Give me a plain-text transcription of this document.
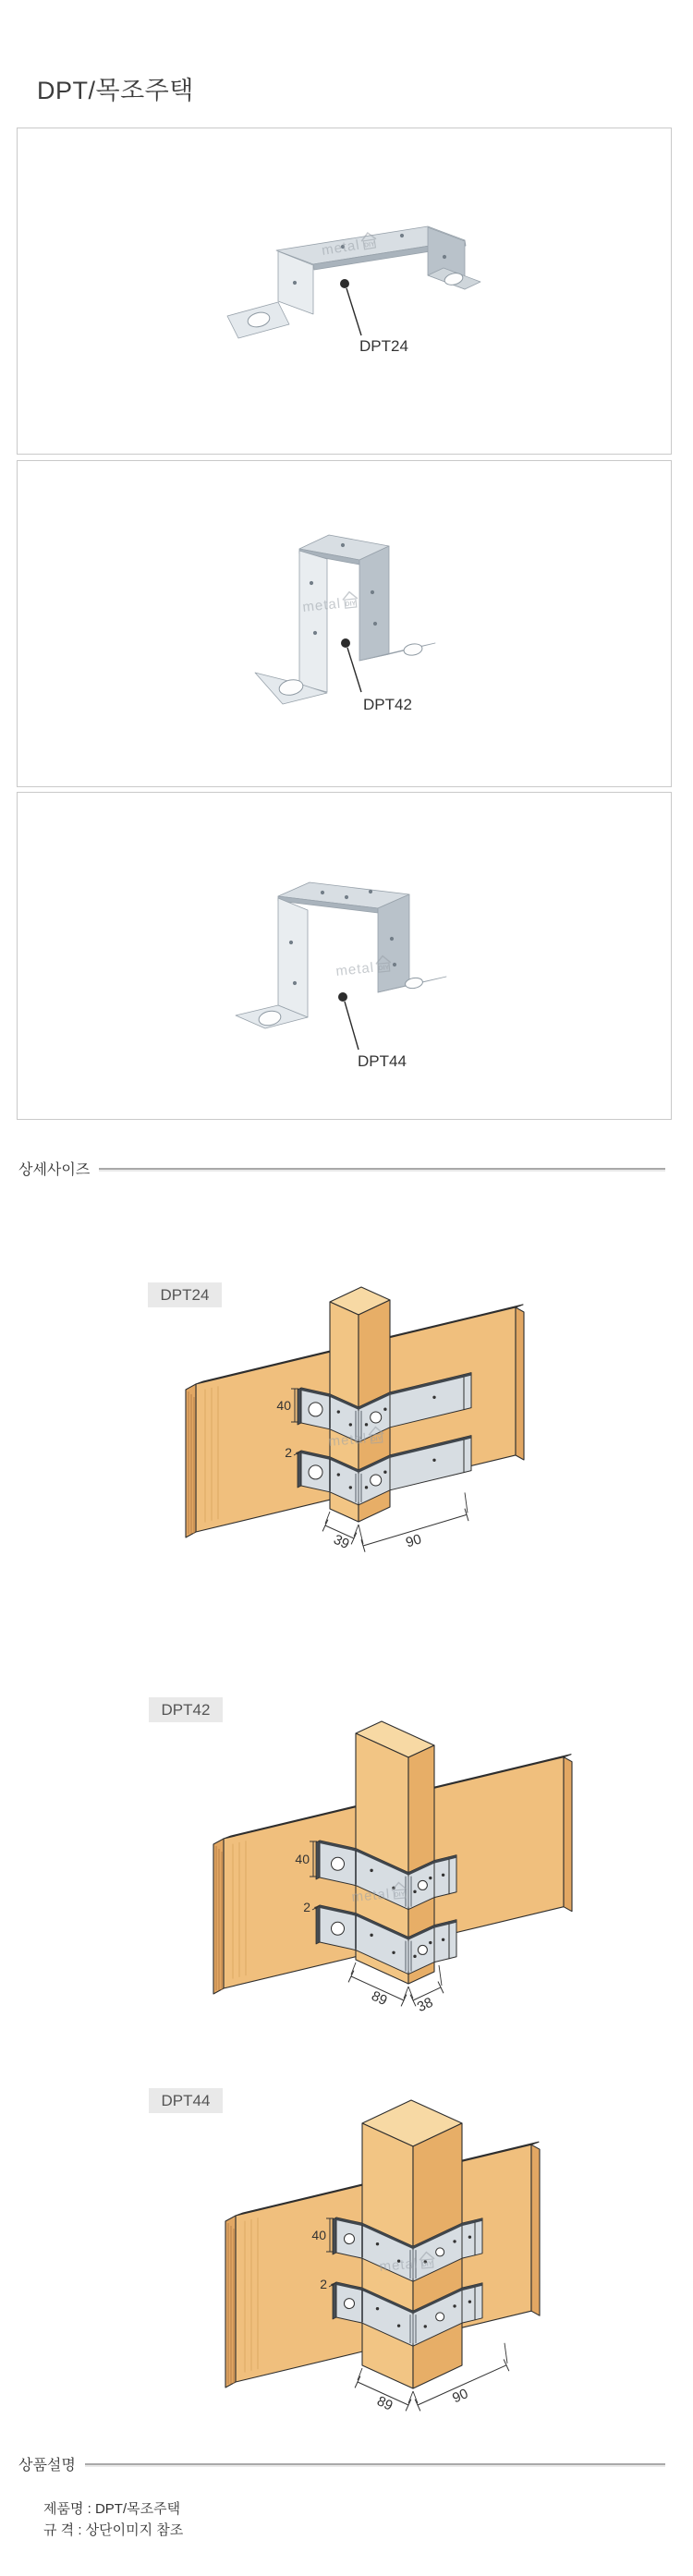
DPT/목조주택
metal DIY
DPT24
metal DIY
DPT42
metal DIY
DPT44
상세사이즈
40
2
39	90
metal DIY
DPT24
40
2
89 38
metal DIY
DPT42
40
2
89	90
metal DIY
DPT44
상품설명
제품명 : DPT/목조주택
규 격 : 상단이미지 참조
